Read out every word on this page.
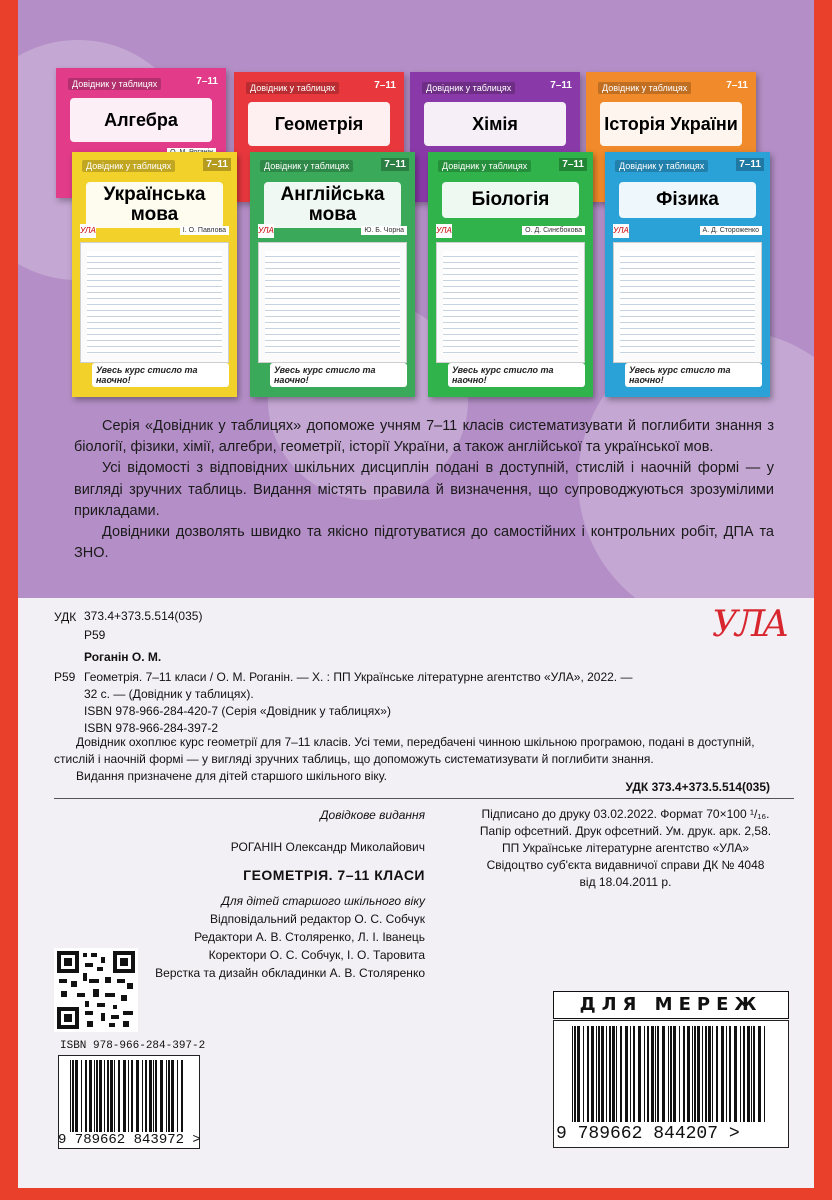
Довідник у таблицях	7–11
Алгебра
Довідник у таблицях	7–11
Геометрія
Довідник у таблицях	7–11
Хімія
Довідник у таблицях	7–11
Історія України
Довідник у таблицях	7–11
Українська мова
УЛА	І. О. Павлова
Увесь курс стисло та наочно!
Довідник у таблицях	7–11
Англійська мова
УЛА	Ю. Б. Чорна
Увесь курс стисло та наочно!
Довідник у таблицях	7–11
Біологія
УЛА	О. Д. Синєбокова
Увесь курс стисло та наочно!
Довідник у таблицях	7–11
Фізика
УЛА	А. Д. Стороженко
Увесь курс стисло та наочно!

Серія «Довідник у таблицях» допоможе учням 7–11 класів систематизувати й поглибити знання з біології, фізики, хімії, алгебри, геометрії, історії України, а також англійської та української мов.

Усі відомості з відповідних шкільних дисциплін подані в доступній, стислій і наочній формі — у вигляді зручних таблиць. Видання містять правила й визначення, що супроводжуються зрозумілими прикладами.

Довідники дозволять швидко та якісно підготуватися до самостійних і контрольних робіт, ДПА та ЗНО.

УЛА
УДК 373.4+373.5.514(035)
Р59
Роганін О. М.
Р59 Геометрія. 7–11 класи / О. М. Роганін. — Х. : ПП Українське літературне агентство «УЛА», 2022. —
32 с. — (Довідник у таблицях).
ISBN 978-966-284-420-7 (Серія «Довідник у таблицях»)
ISBN 978-966-284-397-2
Довідник охоплює курс геометрії для 7–11 класів. Усі теми, передбачені чинною шкільною програмою, подані в доступній, стислій і наочній формі — у вигляді зручних таблиць, що допоможуть систематизувати й поглибити знання.
Видання призначене для дітей старшого шкільного віку.
УДК 373.4+373.5.514(035)
Довідкове видання
РОГАНІН Олександр Миколайович
ГЕОМЕТРІЯ. 7–11 КЛАСИ
Для дітей старшого шкільного віку
Відповідальний редактор О. С. Собчук
Редактори А. В. Столяренко, Л. І. Іванець
Коректори О. С. Собчук, І. О. Таровита
Верстка та дизайн обкладинки А. В. Столяренко
Підписано до друку 03.02.2022. Формат 70×100 ¹/₁₆.
Папір офсетний. Друк офсетний. Ум. друк. арк. 2,58.
ПП Українське літературне агентство «УЛА»
Свідоцтво суб'єкта видавничої справи ДК № 4048
від 18.04.2011 р.
ISBN 978-966-284-397-2
9 789662 843972 >
ДЛЯ МЕРЕЖ
9 789662 844207 >
